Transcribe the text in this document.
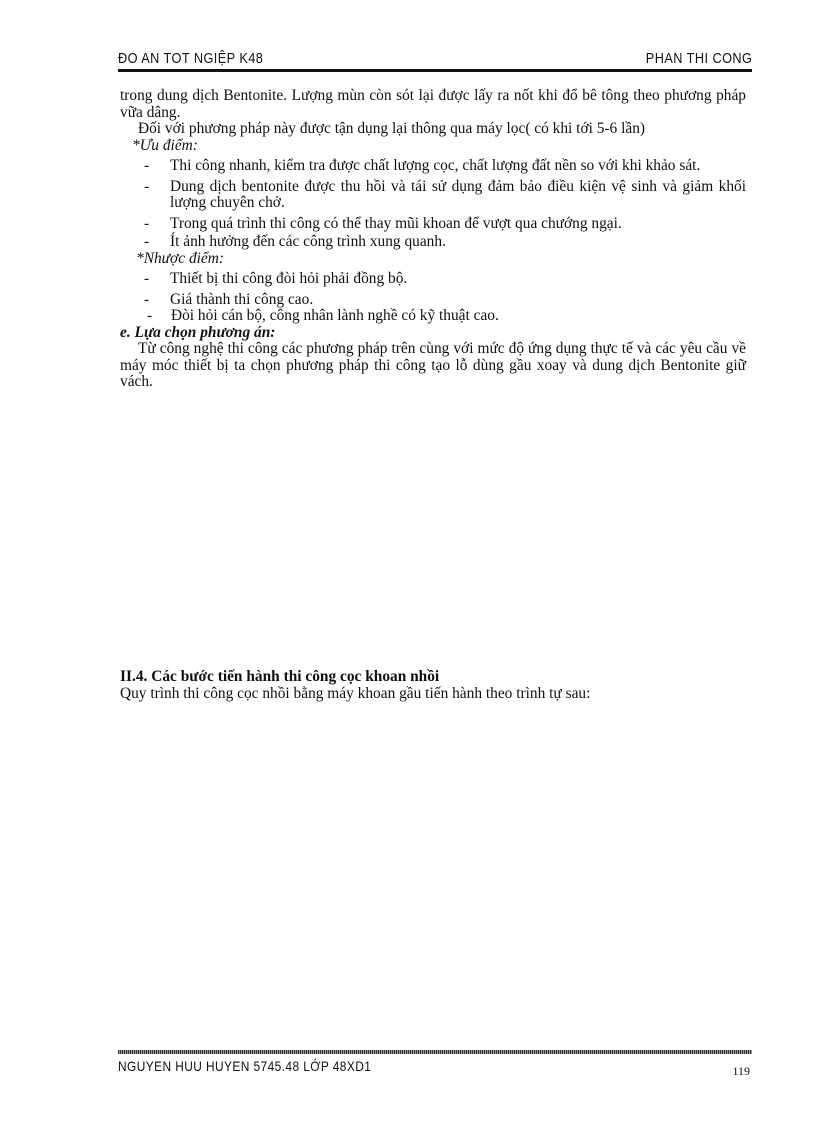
ĐO AN TOT NGIỆP K48	PHAN THI CONG

trong dung dịch Bentonite. Lượng mùn còn sót lại được lấy ra nốt khi đổ bê tông theo phương pháp vữa dâng.

Đối với phương pháp này được tận dụng lại thông qua máy lọc( có khi tới 5-6 lần)

*Ưu điểm:

- Thi công nhanh, kiểm tra được chất lượng cọc, chất lượng đất nền so với khi khảo sát.
- Dung dịch bentonite được thu hồi và tái sử dụng đảm bảo điều kiện vệ sinh và giảm khối lượng chuyên chở.
- Trong quá trình thi công có thể thay mũi khoan để vượt qua chướng ngại.
- Ít ảnh hưởng đến các công trình xung quanh.

*Nhược điểm:

- Thiết bị thi công đòi hỏi phải đồng bộ.
- Giá thành thi công cao.
- Đòi hỏi cán bộ, công nhân lành nghề có kỹ thuật cao.

e. Lựa chọn phương án:

Từ công nghệ thi công các phương pháp trên cùng với mức độ ứng dụng thực tế và các yêu cầu về máy móc thiết bị ta chọn phương pháp thi công tạo lỗ dùng gầu xoay và dung dịch Bentonite giữ vách.

II.4. Các bước tiến hành thi công cọc khoan nhồi

Quy trình thi công cọc nhồi bằng máy khoan gầu tiến hành theo trình tự sau:

NGUYEN HUU HUYEN 5745.48 LỚP 48XD1	119
